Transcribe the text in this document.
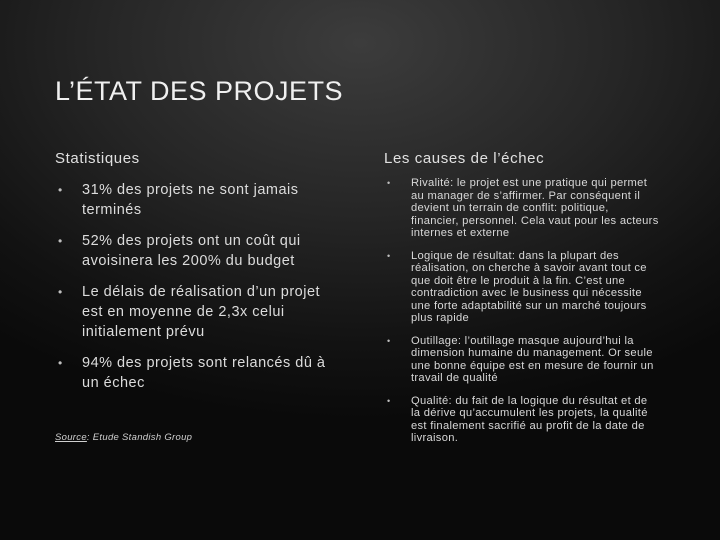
L’ÉTAT DES PROJETS
Statistiques	Les causes de l’échec
• 31% des projets ne sont jamais terminés
• 52% des projets ont un coût qui avoisinera les 200% du budget
• Le délais de réalisation d’un projet est en moyenne de 2,3x celui initialement prévu
• 94% des projets sont relancés dû à un échec
Source: Etude Standish Group
• Rivalité: le projet est une pratique qui permet au manager de s’affirmer. Par conséquent il devient un terrain de conflit: politique, financier, personnel. Cela vaut pour les acteurs internes et externe
• Logique de résultat: dans la plupart des réalisation, on cherche à savoir avant tout ce que doit être le produit à la fin. C’est une contradiction avec le business qui nécessite une forte adaptabilité sur un marché toujours plus rapide
• Outillage: l’outillage masque aujourd’hui la dimension humaine du management. Or seule une bonne équipe est en mesure de fournir un travail de qualité
• Qualité: du fait de la logique du résultat et de la dérive qu’accumulent les projets, la qualité est finalement sacrifié au profit de la date de livraison.
